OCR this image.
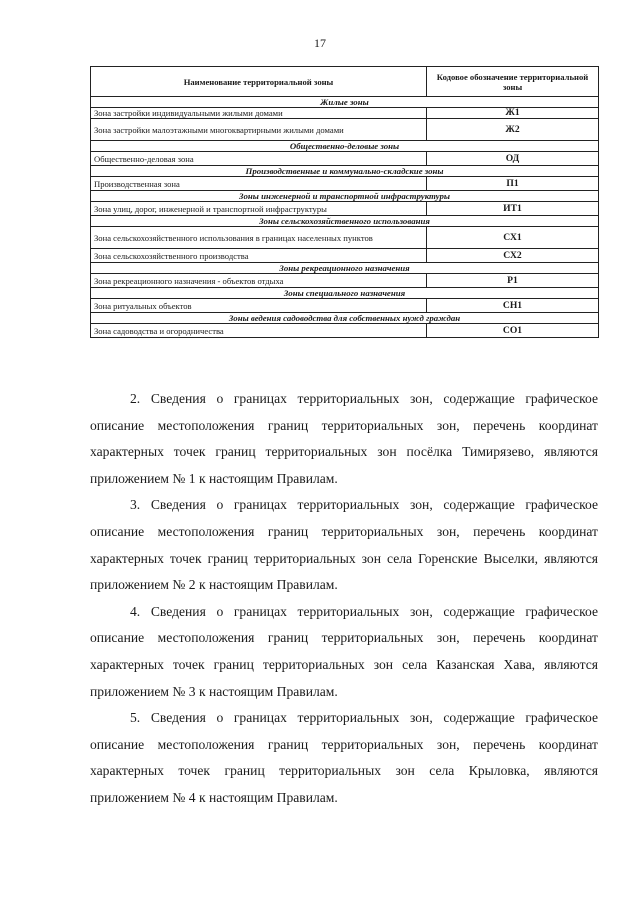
17
Наименование территориальной зоны	Кодовое обозначение территориальной зоны
Жилые зоны	
Зона застройки индивидуальными жилыми домами	Ж1
Зона застройки малоэтажными многоквартирными жилыми домами	Ж2
Общественно-деловые зоны	
Общественно-деловая зона	ОД
Производственные и коммунально-складские зоны	
Производственная зона	П1
Зоны инженерной и транспортной инфраструктуры	
Зона улиц, дорог, инженерной и транспортной инфраструктуры	ИТ1
Зоны сельскохозяйственного использования	
Зона сельскохозяйственного использования в границах населенных пунктов	СХ1
Зона сельскохозяйственного производства	СХ2
Зоны рекреационного назначения	
Зона рекреационного назначения - объектов отдыха	Р1
Зоны специального назначения	
Зона ритуальных объектов	СН1
Зоны ведения садоводства для собственных нужд граждан	
Зона садоводства и огородничества	СО1

2. Сведения о границах территориальных зон, содержащие графическое описание местоположения границ территориальных зон, перечень координат характерных точек границ территориальных зон посёлка Тимирязево, являются приложением № 1 к настоящим Правилам.

3. Сведения о границах территориальных зон, содержащие графическое описание местоположения границ территориальных зон, перечень координат характерных точек границ территориальных зон села Горенские Выселки, являются приложением № 2 к настоящим Правилам.

4. Сведения о границах территориальных зон, содержащие графическое описание местоположения границ территориальных зон, перечень координат характерных точек границ территориальных зон села Казанская Хава, являются приложением № 3 к настоящим Правилам.

5. Сведения о границах территориальных зон, содержащие графическое описание местоположения границ территориальных зон, перечень координат характерных точек границ территориальных зон села Крыловка, являются приложением № 4 к настоящим Правилам.
